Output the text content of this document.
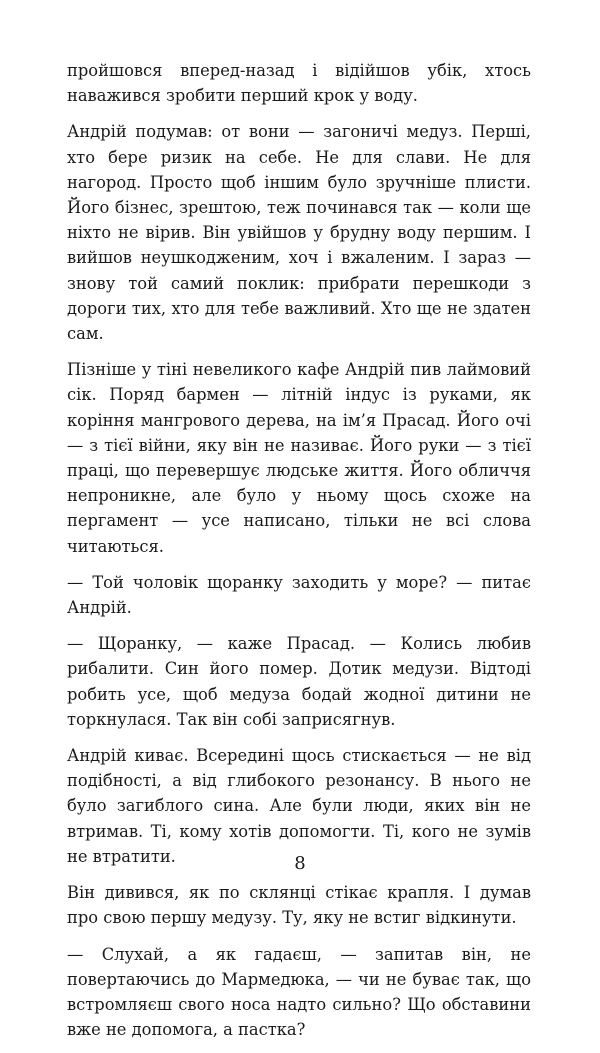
пройшовся вперед-назад і відійшов убік, хтось наважився зробити перший крок у воду.

Андрій подумав: от вони — загоничі медуз. Перші, хто бере ризик на себе. Не для слави. Не для нагород. Просто щоб іншим було зручніше плисти. Його бізнес, зрештою, теж починався так — коли ще ніхто не вірив. Він увійшов у брудну воду першим. І вийшов неушкодженим, хоч і вжаленим. І зараз — знову той самий поклик: прибрати перешкоди з дороги тих, хто для тебе важливий. Хто ще не здатен сам.

Пізніше у тіні невеликого кафе Андрій пив лаймовий сік. Поряд бармен — літній індус із руками, як коріння мангрового дерева, на ім’я Прасад. Його очі — з тієї війни, яку він не називає. Його руки — з тієї праці, що перевершує людське життя. Його обличчя непроникне, але було у ньому щось схоже на пергамент — усе написано, тільки не всі слова читаються.

— Той чоловік щоранку заходить у море? — питає Андрій.

— Щоранку, — каже Прасад. — Колись любив рибалити. Син його помер. Дотик медузи. Відтоді робить усе, щоб медуза бодай жодної дитини не торкнулася. Так він собі заприсягнув.

Андрій киває. Всередині щось стискається — не від подібності, а від глибокого резонансу. В нього не було загиблого сина. Але були люди, яких він не втримав. Ті, кому хотів допомогти. Ті, кого не зумів не втратити.

Він дивився, як по склянці стікає крапля. І думав про свою першу медузу. Ту, яку не встиг відкинути.

— Слухай, а як гадаєш, — запитав він, не повертаючись до Мармедюка, — чи не буває так, що встромляєш свого носа надто сильно? Що обставини вже не допомога, а пастка?

8
